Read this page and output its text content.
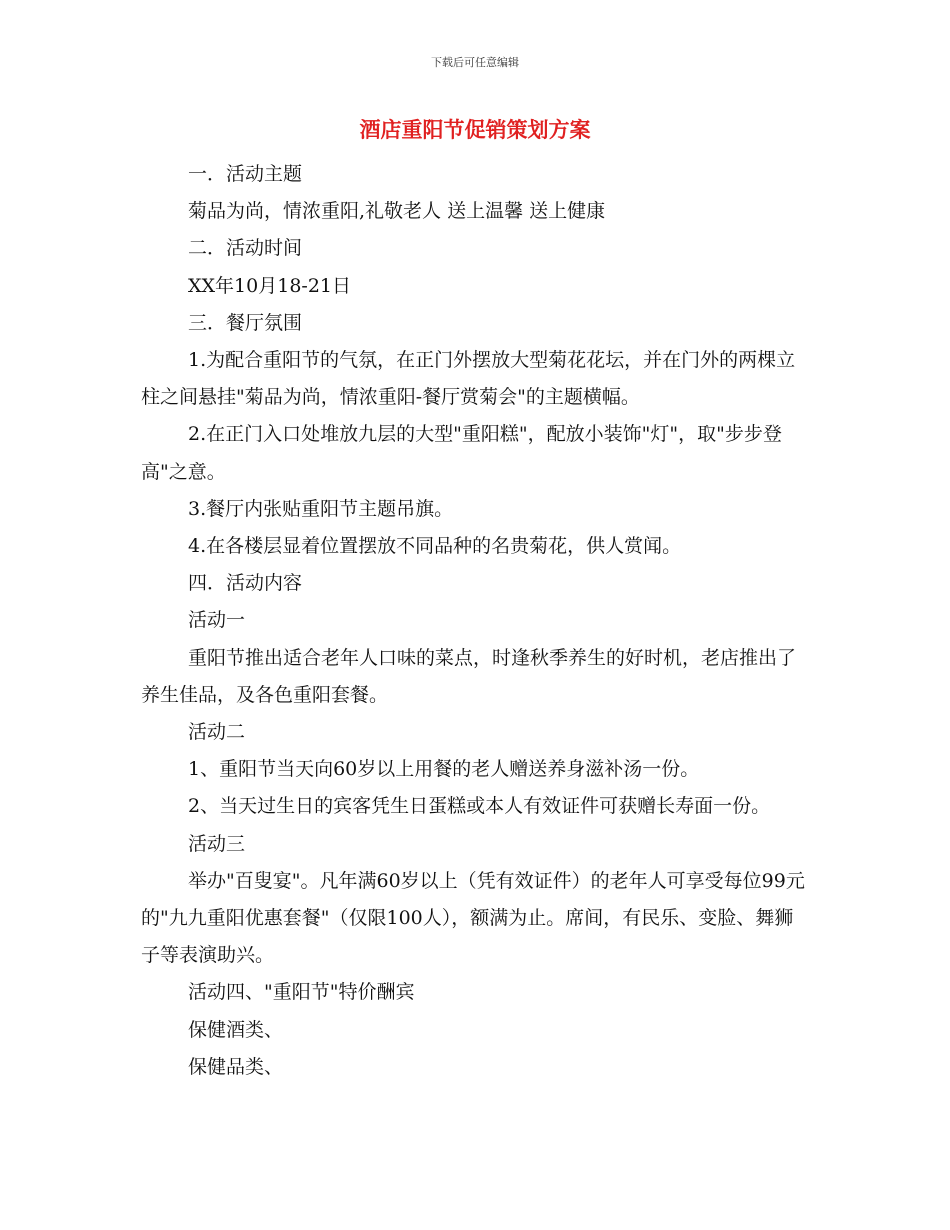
下载后可任意编辑
酒店重阳节促销策划方案

一．活动主题

菊品为尚，情浓重阳,礼敬老人 送上温馨 送上健康

二．活动时间

XX年10月18-21日

三．餐厅氛围

1.为配合重阳节的气氛，在正门外摆放大型菊花花坛，并在门外的两棵立柱之间悬挂"菊品为尚，情浓重阳-餐厅赏菊会"的主题横幅。

2.在正门入口处堆放九层的大型"重阳糕"，配放小装饰"灯"，取"步步登高"之意。

3.餐厅内张贴重阳节主题吊旗。

4.在各楼层显着位置摆放不同品种的名贵菊花，供人赏闻。

四．活动内容

活动一

重阳节推出适合老年人口味的菜点，时逢秋季养生的好时机，老店推出了养生佳品，及各色重阳套餐。

活动二

1、重阳节当天向60岁以上用餐的老人赠送养身滋补汤一份。

2、当天过生日的宾客凭生日蛋糕或本人有效证件可获赠长寿面一份。

活动三

举办"百叟宴"。凡年满60岁以上（凭有效证件）的老年人可享受每位99元的"九九重阳优惠套餐"（仅限100人），额满为止。席间，有民乐、变脸、舞狮子等表演助兴。

活动四、"重阳节"特价酬宾

保健酒类、

保健品类、
